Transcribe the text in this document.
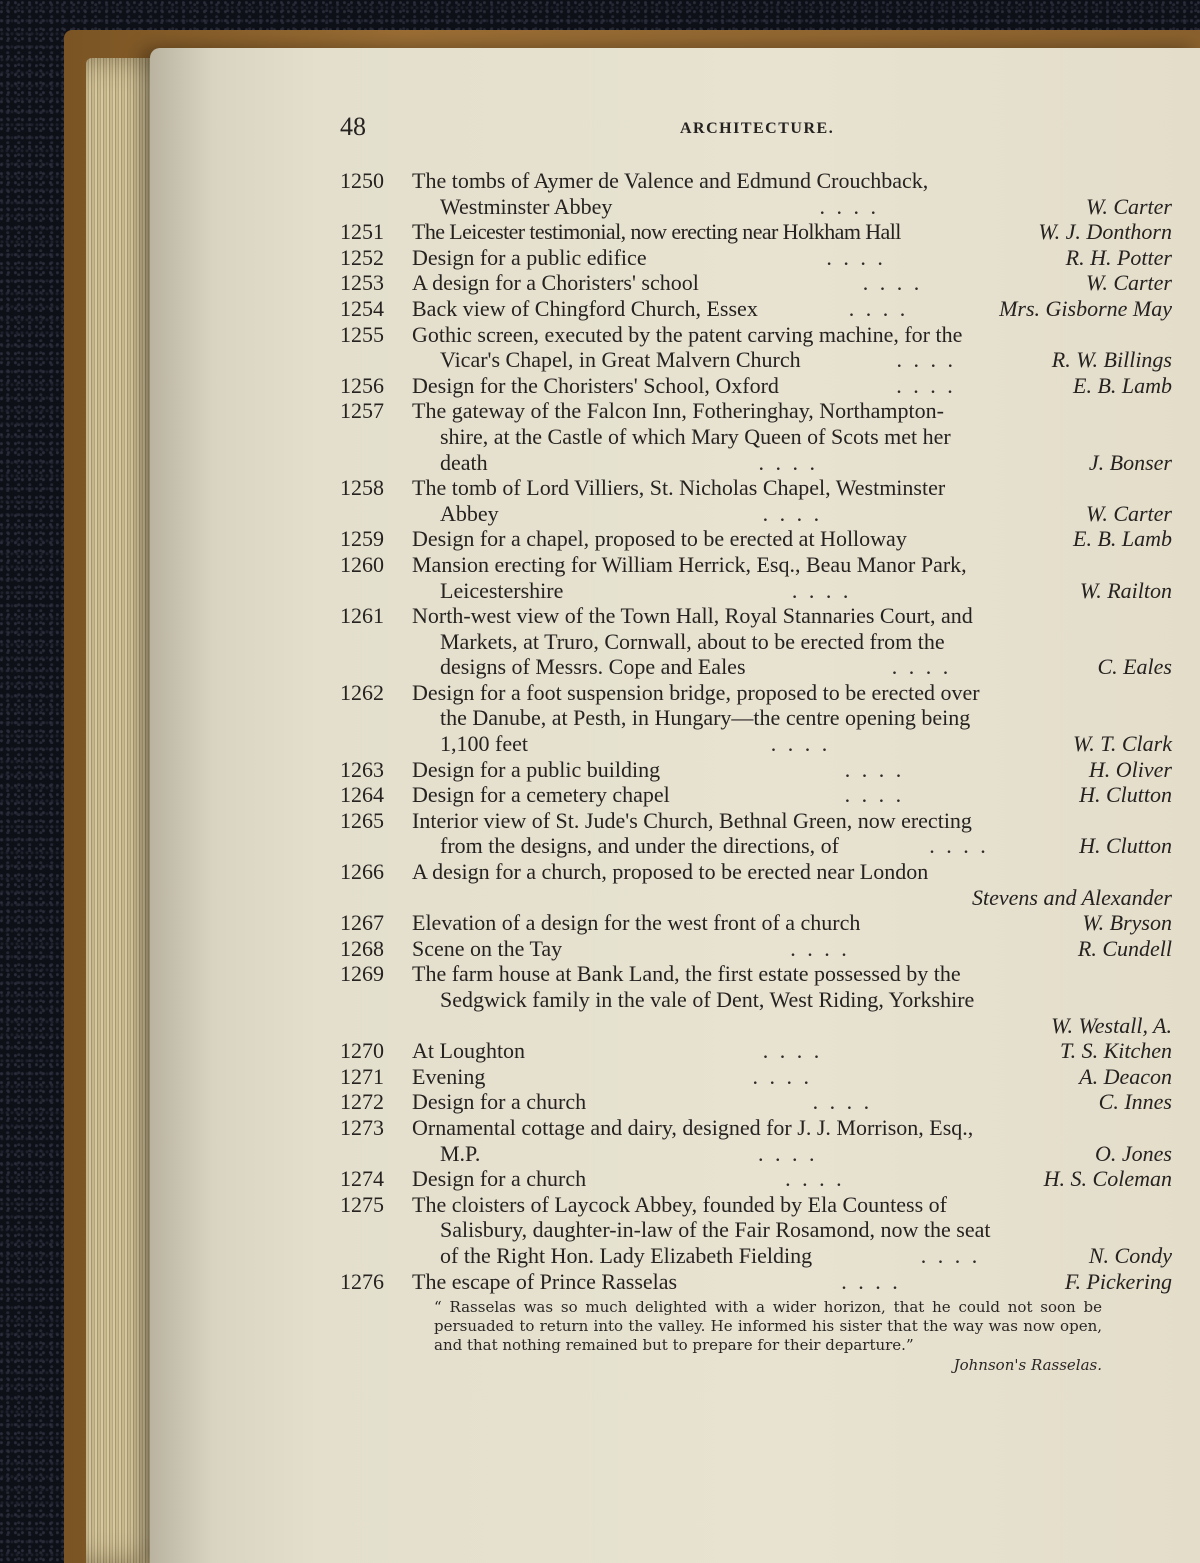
48	ARCHITECTURE.
1250	The tombs of Aymer de Valence and Edmund Crouchback,
Westminster Abbey	. . . .	W. Carter
1251	The Leicester testimonial, now erecting near Holkham Hall	W. J. Donthorn
1252	Design for a public edifice	. . . .	R. H. Potter
1253	A design for a Choristers' school	. . . .	W. Carter
1254	Back view of Chingford Church, Essex	. . . .	Mrs. Gisborne May
1255	Gothic screen, executed by the patent carving machine, for the
Vicar's Chapel, in Great Malvern Church	. . . .	R. W. Billings
1256	Design for the Choristers' School, Oxford	. . . .	E. B. Lamb
1257	The gateway of the Falcon Inn, Fotheringhay, Northampton-
shire, at the Castle of which Mary Queen of Scots met her
death	. . . .	J. Bonser
1258	The tomb of Lord Villiers, St. Nicholas Chapel, Westminster
Abbey	. . . .	W. Carter
1259	Design for a chapel, proposed to be erected at Holloway	E. B. Lamb
1260	Mansion erecting for William Herrick, Esq., Beau Manor Park,
Leicestershire	. . . .	W. Railton
1261	North-west view of the Town Hall, Royal Stannaries Court, and
Markets, at Truro, Cornwall, about to be erected from the
designs of Messrs. Cope and Eales	. . . .	C. Eales
1262	Design for a foot suspension bridge, proposed to be erected over
the Danube, at Pesth, in Hungary—the centre opening being
1,100 feet	. . . .	W. T. Clark
1263	Design for a public building	. . . .	H. Oliver
1264	Design for a cemetery chapel	. . . .	H. Clutton
1265	Interior view of St. Jude's Church, Bethnal Green, now erecting
from the designs, and under the directions, of	. . . .	H. Clutton
1266	A design for a church, proposed to be erected near London
Stevens and Alexander
1267	Elevation of a design for the west front of a church	W. Bryson
1268	Scene on the Tay	. . . .	R. Cundell
1269	The farm house at Bank Land, the first estate possessed by the
Sedgwick family in the vale of Dent, West Riding, Yorkshire
W. Westall, A.
1270	At Loughton	. . . .	T. S. Kitchen
1271	Evening	. . . .	A. Deacon
1272	Design for a church	. . . .	C. Innes
1273	Ornamental cottage and dairy, designed for J. J. Morrison, Esq.,
M.P.	. . . .	O. Jones
1274	Design for a church	. . . .	H. S. Coleman
1275	The cloisters of Laycock Abbey, founded by Ela Countess of
Salisbury, daughter-in-law of the Fair Rosamond, now the seat
of the Right Hon. Lady Elizabeth Fielding	. . . .	N. Condy
1276	The escape of Prince Rasselas	. . . .	F. Pickering

“ Rasselas was so much delighted with a wider horizon, that he could not soon be persuaded to return into the valley. He informed his sister that the way was now open, and that nothing remained but to prepare for their departure.”

Johnson's Rasselas.
